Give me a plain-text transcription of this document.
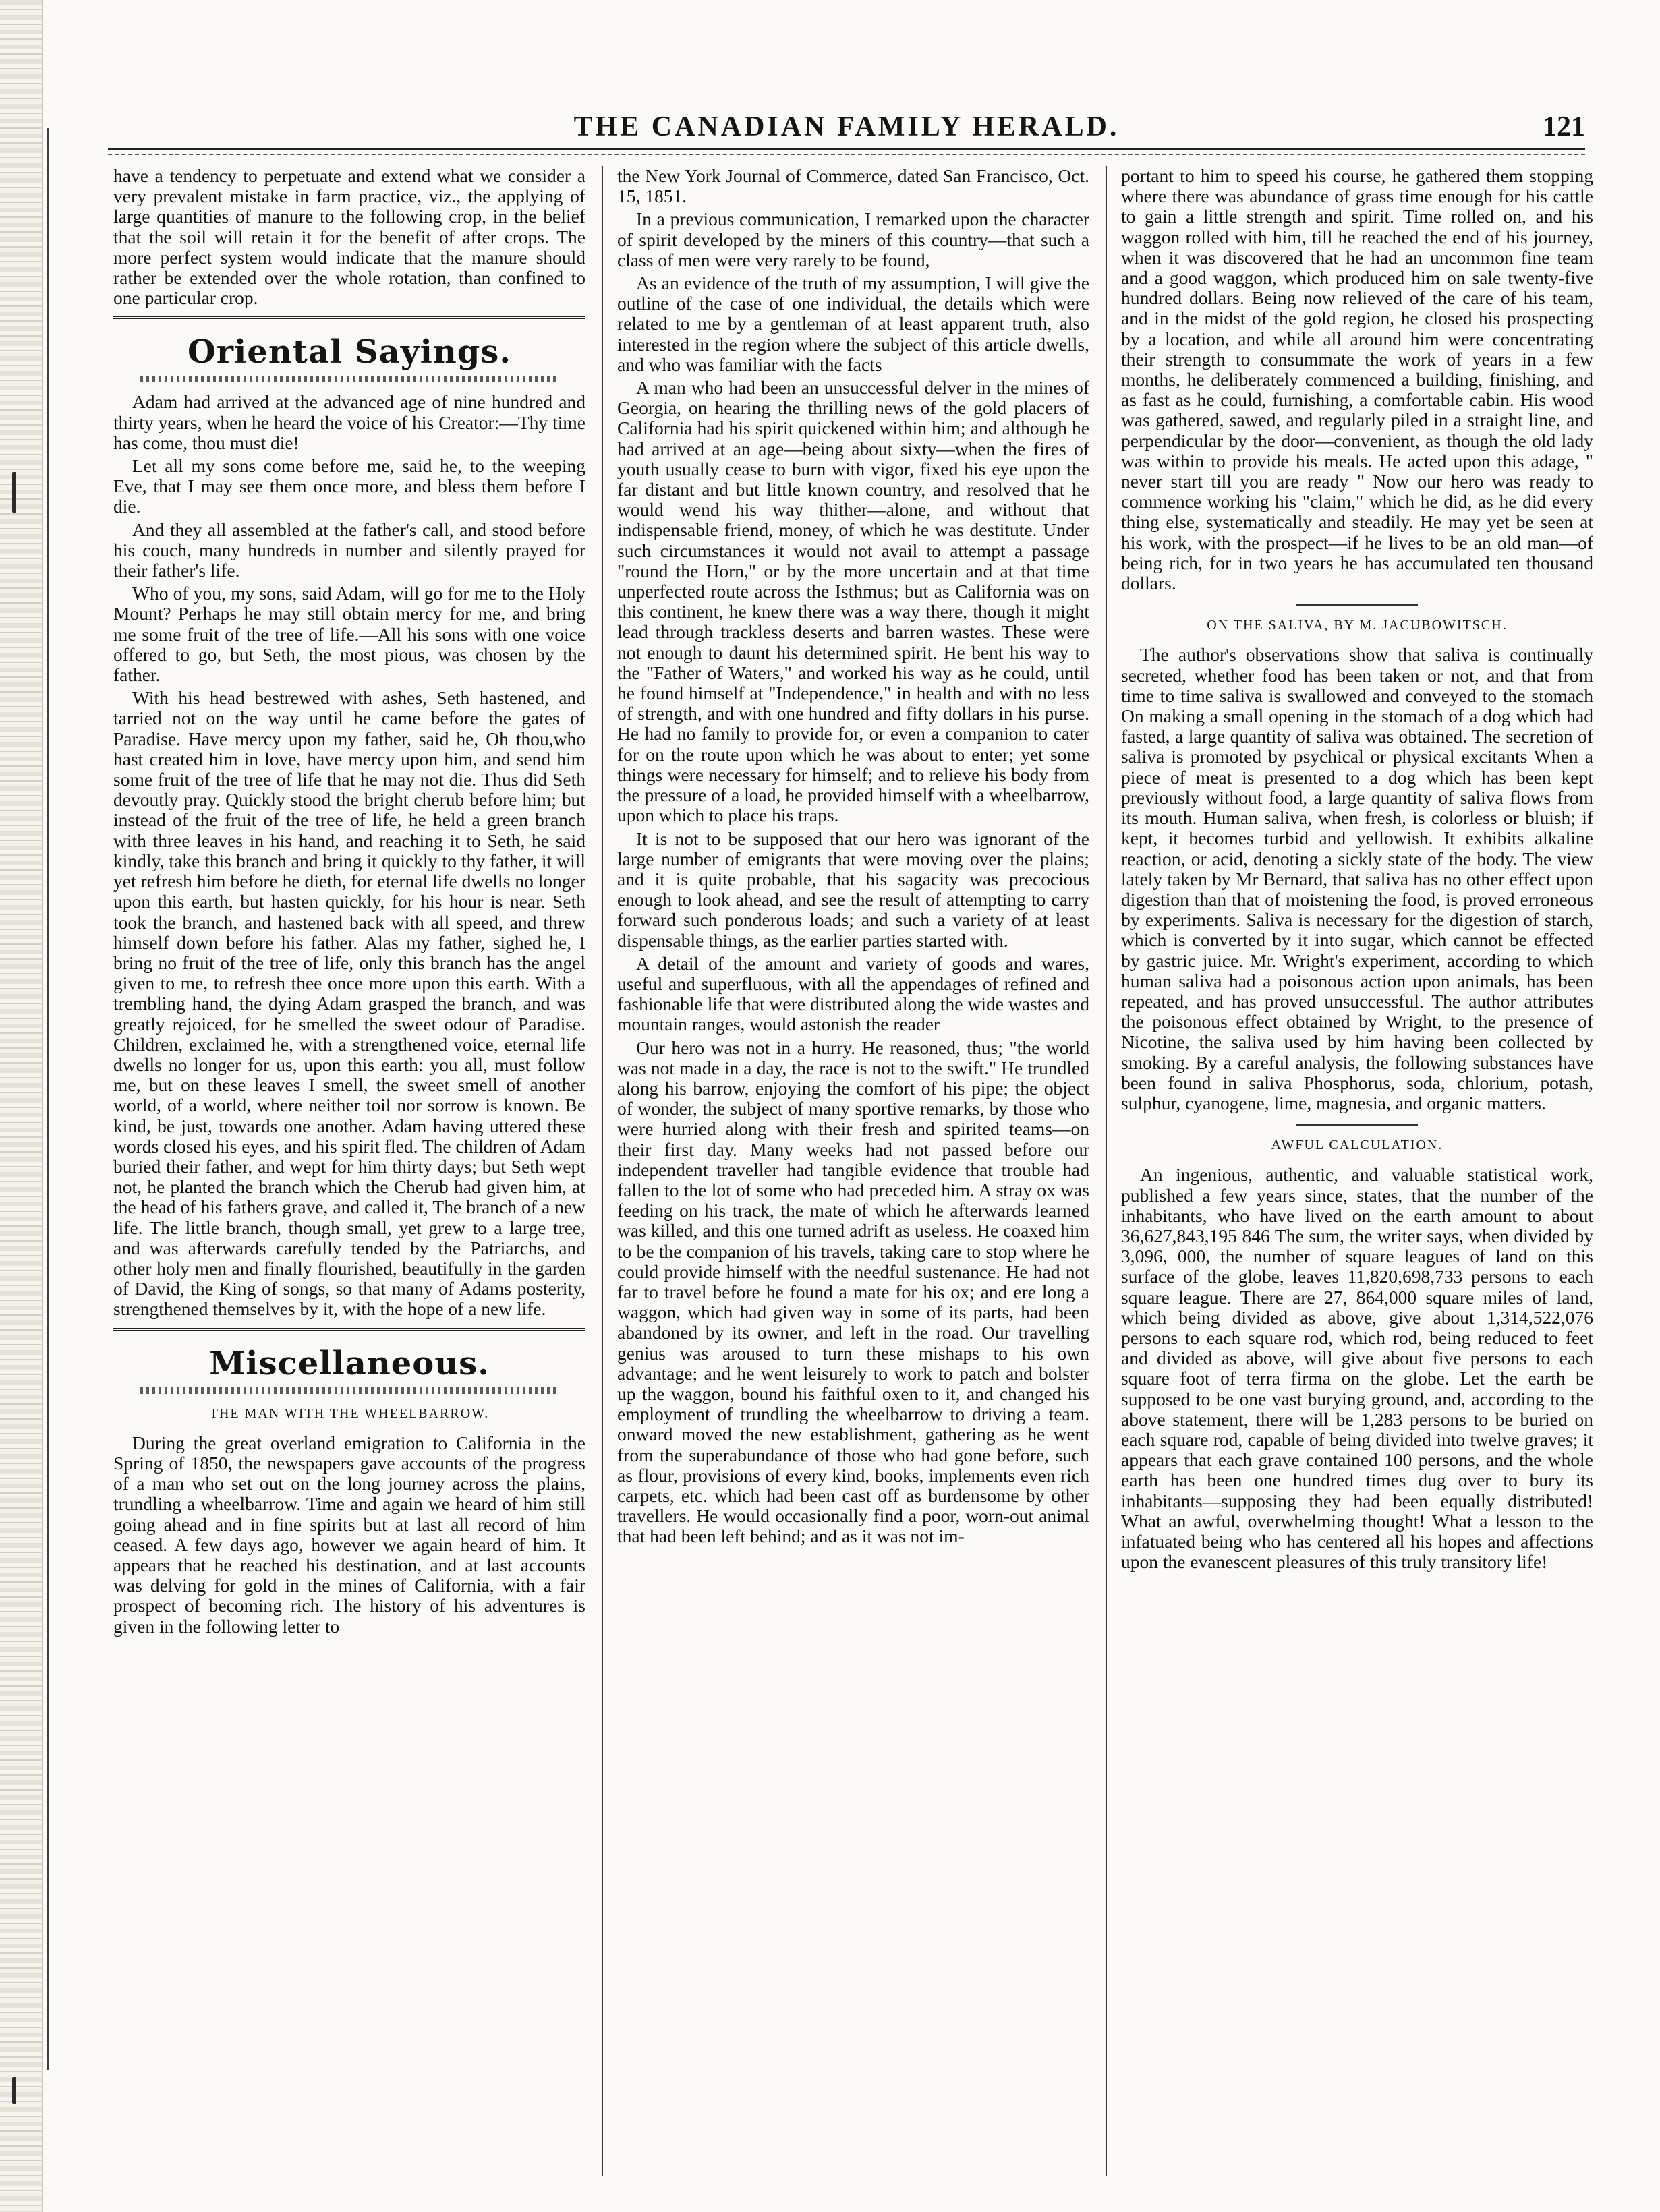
THE CANADIAN FAMILY HERALD.	121

have a tendency to perpetuate and extend what we consider a very prevalent mistake in farm practice, viz., the applying of large quantities of manure to the following crop, in the belief that the soil will retain it for the benefit of after crops. The more perfect system would indicate that the manure should rather be extended over the whole rotation, than confined to one particular crop.

Oriental Sayings.

Adam had arrived at the advanced age of nine hundred and thirty years, when he heard the voice of his Creator:—Thy time has come, thou must die!

Let all my sons come before me, said he, to the weeping Eve, that I may see them once more, and bless them before I die.

And they all assembled at the father's call, and stood before his couch, many hundreds in number and silently prayed for their father's life.

Who of you, my sons, said Adam, will go for me to the Holy Mount? Perhaps he may still obtain mercy for me, and bring me some fruit of the tree of life.—All his sons with one voice offered to go, but Seth, the most pious, was chosen by the father.

With his head bestrewed with ashes, Seth hastened, and tarried not on the way until he came before the gates of Paradise. Have mercy upon my father, said he, Oh thou,who hast created him in love, have mercy upon him, and send him some fruit of the tree of life that he may not die. Thus did Seth devoutly pray. Quickly stood the bright cherub before him; but instead of the fruit of the tree of life, he held a green branch with three leaves in his hand, and reaching it to Seth, he said kindly, take this branch and bring it quickly to thy father, it will yet refresh him before he dieth, for eternal life dwells no longer upon this earth, but hasten quickly, for his hour is near. Seth took the branch, and hastened back with all speed, and threw himself down before his father. Alas my father, sighed he, I bring no fruit of the tree of life, only this branch has the angel given to me, to refresh thee once more upon this earth. With a trembling hand, the dying Adam grasped the branch, and was greatly rejoiced, for he smelled the sweet odour of Paradise. Children, exclaimed he, with a strengthened voice, eternal life dwells no longer for us, upon this earth: you all, must follow me, but on these leaves I smell, the sweet smell of another world, of a world, where neither toil nor sorrow is known. Be kind, be just, towards one another. Adam having uttered these words closed his eyes, and his spirit fled. The children of Adam buried their father, and wept for him thirty days; but Seth wept not, he planted the branch which the Cherub had given him, at the head of his fathers grave, and called it, The branch of a new life. The little branch, though small, yet grew to a large tree, and was afterwards carefully tended by the Patriarchs, and other holy men and finally flourished, beautifully in the garden of David, the King of songs, so that many of Adams posterity, strengthened themselves by it, with the hope of a new life.

Miscellaneous.
THE MAN WITH THE WHEELBARROW.

During the great overland emigration to California in the Spring of 1850, the newspapers gave accounts of the progress of a man who set out on the long journey across the plains, trundling a wheelbarrow. Time and again we heard of him still going ahead and in fine spirits but at last all record of him ceased. A few days ago, however we again heard of him. It appears that he reached his destination, and at last accounts was delving for gold in the mines of California, with a fair prospect of becoming rich. The history of his adventures is given in the following letter to

the New York Journal of Commerce, dated San Francisco, Oct. 15, 1851.

In a previous communication, I remarked upon the character of spirit developed by the miners of this country—that such a class of men were very rarely to be found,

As an evidence of the truth of my assumption, I will give the outline of the case of one individual, the details which were related to me by a gentleman of at least apparent truth, also interested in the region where the subject of this article dwells, and who was familiar with the facts

A man who had been an unsuccessful delver in the mines of Georgia, on hearing the thrilling news of the gold placers of California had his spirit quickened within him; and although he had arrived at an age—being about sixty—when the fires of youth usually cease to burn with vigor, fixed his eye upon the far distant and but little known country, and resolved that he would wend his way thither—alone, and without that indispensable friend, money, of which he was destitute. Under such circumstances it would not avail to attempt a passage "round the Horn," or by the more uncertain and at that time unperfected route across the Isthmus; but as California was on this continent, he knew there was a way there, though it might lead through trackless deserts and barren wastes. These were not enough to daunt his determined spirit. He bent his way to the "Father of Waters," and worked his way as he could, until he found himself at "Independence," in health and with no less of strength, and with one hundred and fifty dollars in his purse. He had no family to provide for, or even a companion to cater for on the route upon which he was about to enter; yet some things were necessary for himself; and to relieve his body from the pressure of a load, he provided himself with a wheelbarrow, upon which to place his traps.

It is not to be supposed that our hero was ignorant of the large number of emigrants that were moving over the plains; and it is quite probable, that his sagacity was precocious enough to look ahead, and see the result of attempting to carry forward such ponderous loads; and such a variety of at least dispensable things, as the earlier parties started with.

A detail of the amount and variety of goods and wares, useful and superfluous, with all the appendages of refined and fashionable life that were distributed along the wide wastes and mountain ranges, would astonish the reader

Our hero was not in a hurry. He reasoned, thus; "the world was not made in a day, the race is not to the swift." He trundled along his barrow, enjoying the comfort of his pipe; the object of wonder, the subject of many sportive remarks, by those who were hurried along with their fresh and spirited teams—on their first day. Many weeks had not passed before our independent traveller had tangible evidence that trouble had fallen to the lot of some who had preceded him. A stray ox was feeding on his track, the mate of which he afterwards learned was killed, and this one turned adrift as useless. He coaxed him to be the companion of his travels, taking care to stop where he could provide himself with the needful sustenance. He had not far to travel before he found a mate for his ox; and ere long a waggon, which had given way in some of its parts, had been abandoned by its owner, and left in the road. Our travelling genius was aroused to turn these mishaps to his own advantage; and he went leisurely to work to patch and bolster up the waggon, bound his faithful oxen to it, and changed his employment of trundling the wheelbarrow to driving a team. onward moved the new establishment, gathering as he went from the superabundance of those who had gone before, such as flour, provisions of every kind, books, implements even rich carpets, etc. which had been cast off as burdensome by other travellers. He would occasionally find a poor, worn-out animal that had been left behind; and as it was not im-

portant to him to speed his course, he gathered them stopping where there was abundance of grass time enough for his cattle to gain a little strength and spirit. Time rolled on, and his waggon rolled with him, till he reached the end of his journey, when it was discovered that he had an uncommon fine team and a good waggon, which produced him on sale twenty-five hundred dollars. Being now relieved of the care of his team, and in the midst of the gold region, he closed his prospecting by a location, and while all around him were concentrating their strength to consummate the work of years in a few months, he deliberately commenced a building, finishing, and as fast as he could, furnishing, a comfortable cabin. His wood was gathered, sawed, and regularly piled in a straight line, and perpendicular by the door—convenient, as though the old lady was within to provide his meals. He acted upon this adage, " never start till you are ready " Now our hero was ready to commence working his "claim," which he did, as he did every thing else, systematically and steadily. He may yet be seen at his work, with the prospect—if he lives to be an old man—of being rich, for in two years he has accumulated ten thousand dollars.

ON THE SALIVA, BY M. JACUBOWITSCH.

The author's observations show that saliva is continually secreted, whether food has been taken or not, and that from time to time saliva is swallowed and conveyed to the stomach On making a small opening in the stomach of a dog which had fasted, a large quantity of saliva was obtained. The secretion of saliva is promoted by psychical or physical excitants When a piece of meat is presented to a dog which has been kept previously without food, a large quantity of saliva flows from its mouth. Human saliva, when fresh, is colorless or bluish; if kept, it becomes turbid and yellowish. It exhibits alkaline reaction, or acid, denoting a sickly state of the body. The view lately taken by Mr Bernard, that saliva has no other effect upon digestion than that of moistening the food, is proved erroneous by experiments. Saliva is necessary for the digestion of starch, which is converted by it into sugar, which cannot be effected by gastric juice. Mr. Wright's experiment, according to which human saliva had a poisonous action upon animals, has been repeated, and has proved unsuccessful. The author attributes the poisonous effect obtained by Wright, to the presence of Nicotine, the saliva used by him having been collected by smoking. By a careful analysis, the following substances have been found in saliva Phosphorus, soda, chlorium, potash, sulphur, cyanogene, lime, magnesia, and organic matters.

AWFUL CALCULATION.

An ingenious, authentic, and valuable statistical work, published a few years since, states, that the number of the inhabitants, who have lived on the earth amount to about 36,627,843,195 846 The sum, the writer says, when divided by 3,096, 000, the number of square leagues of land on this surface of the globe, leaves 11,820,698,733 persons to each square league. There are 27, 864,000 square miles of land, which being divided as above, give about 1,314,522,076 persons to each square rod, which rod, being reduced to feet and divided as above, will give about five persons to each square foot of terra firma on the globe. Let the earth be supposed to be one vast burying ground, and, according to the above statement, there will be 1,283 persons to be buried on each square rod, capable of being divided into twelve graves; it appears that each grave contained 100 persons, and the whole earth has been one hundred times dug over to bury its inhabitants—supposing they had been equally distributed! What an awful, overwhelming thought! What a lesson to the infatuated being who has centered all his hopes and affections upon the evanescent pleasures of this truly transitory life!
